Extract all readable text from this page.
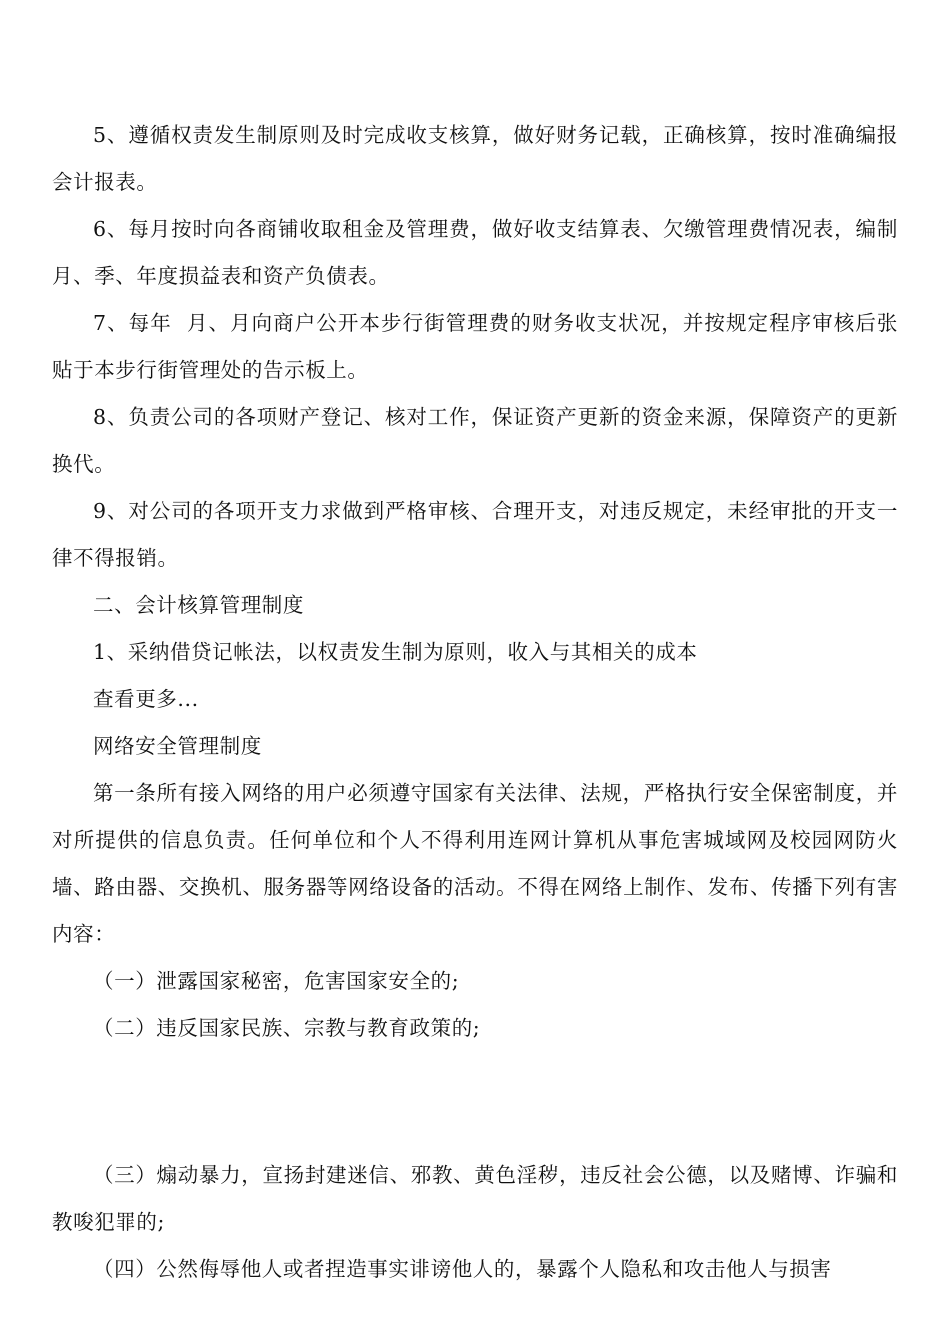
5、遵循权责发生制原则及时完成收支核算，做好财务记载，正确核算，按时准确编报会计报表。

6、每月按时向各商铺收取租金及管理费，做好收支结算表、欠缴管理费情况表，编制月、季、年度损益表和资产负债表。

7、每年  月、月向商户公开本步行街管理费的财务收支状况，并按规定程序审核后张贴于本步行街管理处的告示板上。

8、负责公司的各项财产登记、核对工作，保证资产更新的资金来源，保障资产的更新换代。

9、对公司的各项开支力求做到严格审核、合理开支，对违反规定，未经审批的开支一律不得报销。

二、会计核算管理制度

1、采纳借贷记帐法，以权责发生制为原则，收入与其相关的成本

查看更多...

网络安全管理制度

第一条所有接入网络的用户必须遵守国家有关法律、法规，严格执行安全保密制度，并对所提供的信息负责。任何单位和个人不得利用连网计算机从事危害城域网及校园网防火墙、路由器、交换机、服务器等网络设备的活动。不得在网络上制作、发布、传播下列有害内容：

（一）泄露国家秘密，危害国家安全的;

（二）违反国家民族、宗教与教育政策的;

（三）煽动暴力，宣扬封建迷信、邪教、黄色淫秽，违反社会公德，以及赌博、诈骗和教唆犯罪的;

（四）公然侮辱他人或者捏造事实诽谤他人的，暴露个人隐私和攻击他人与损害
